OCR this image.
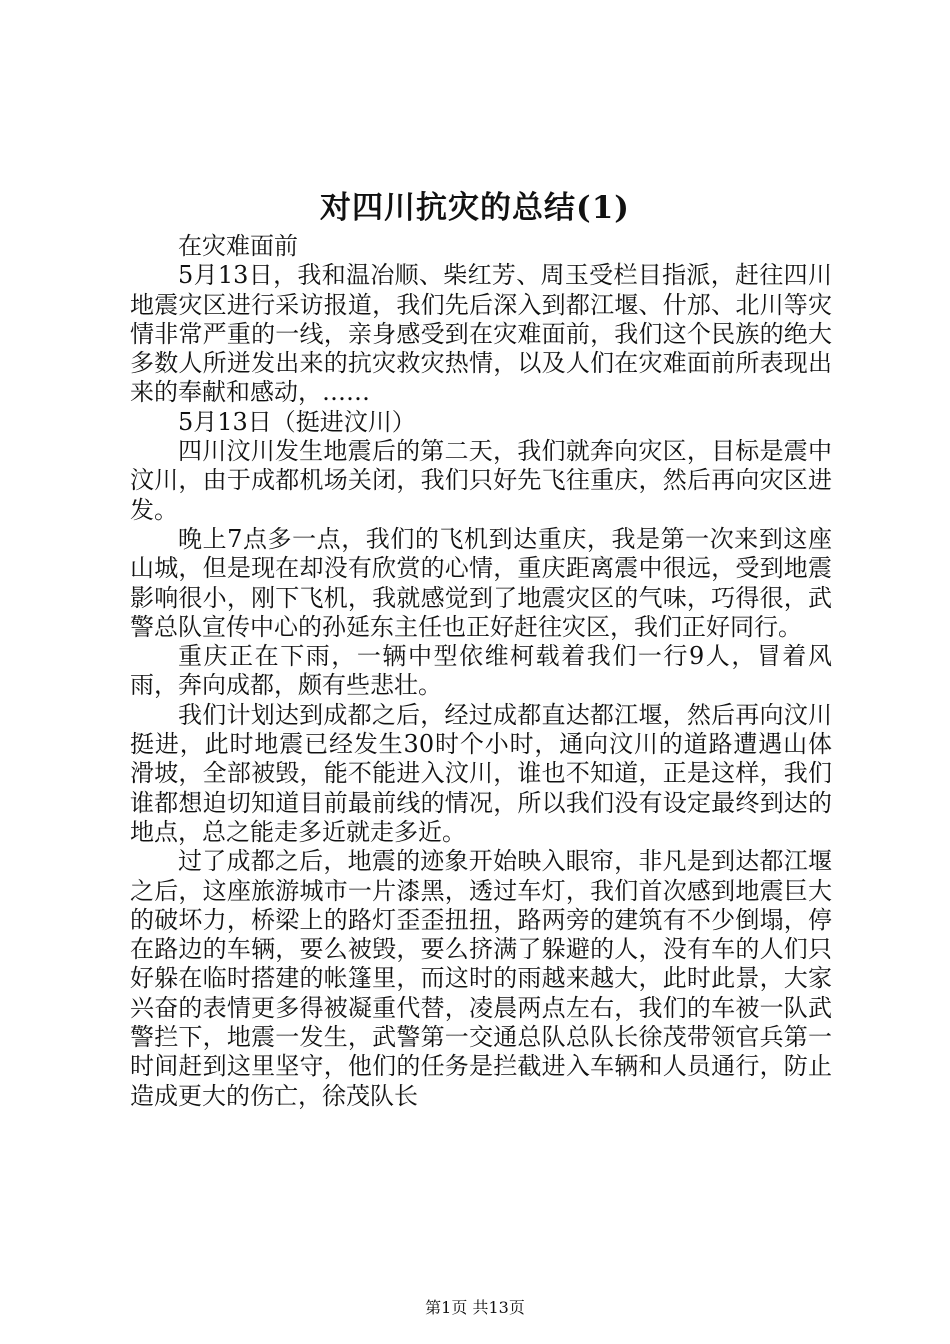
对四川抗灾的总结(1)

在灾难面前

5月13日，我和温冶顺、柴红芳、周玉受栏目指派，赶往四川地震灾区进行采访报道，我们先后深入到都江堰、什邡、北川等灾情非常严重的一线，亲身感受到在灾难面前，我们这个民族的绝大多数人所迸发出来的抗灾救灾热情，以及人们在灾难面前所表现出来的奉献和感动，……

5月13日（挺进汶川）

四川汶川发生地震后的第二天，我们就奔向灾区，目标是震中汶川，由于成都机场关闭，我们只好先飞往重庆，然后再向灾区进发。

晚上7点多一点，我们的飞机到达重庆，我是第一次来到这座山城，但是现在却没有欣赏的心情，重庆距离震中很远，受到地震影响很小，刚下飞机，我就感觉到了地震灾区的气味，巧得很，武警总队宣传中心的孙延东主任也正好赶往灾区，我们正好同行。

重庆正在下雨，一辆中型依维柯载着我们一行9人，冒着风雨，奔向成都，颇有些悲壮。

我们计划达到成都之后，经过成都直达都江堰，然后再向汶川挺进，此时地震已经发生30时个小时，通向汶川的道路遭遇山体滑坡，全部被毁，能不能进入汶川，谁也不知道，正是这样，我们谁都想迫切知道目前最前线的情况，所以我们没有设定最终到达的地点，总之能走多近就走多近。

过了成都之后，地震的迹象开始映入眼帘，非凡是到达都江堰之后，这座旅游城市一片漆黑，透过车灯，我们首次感到地震巨大的破坏力，桥梁上的路灯歪歪扭扭，路两旁的建筑有不少倒塌，停在路边的车辆，要么被毁，要么挤满了躲避的人，没有车的人们只好躲在临时搭建的帐篷里，而这时的雨越来越大，此时此景，大家兴奋的表情更多得被凝重代替，凌晨两点左右，我们的车被一队武警拦下，地震一发生，武警第一交通总队总队长徐茂带领官兵第一时间赶到这里坚守，他们的任务是拦截进入车辆和人员通行，防止造成更大的伤亡，徐茂队长

第1页 共13页
